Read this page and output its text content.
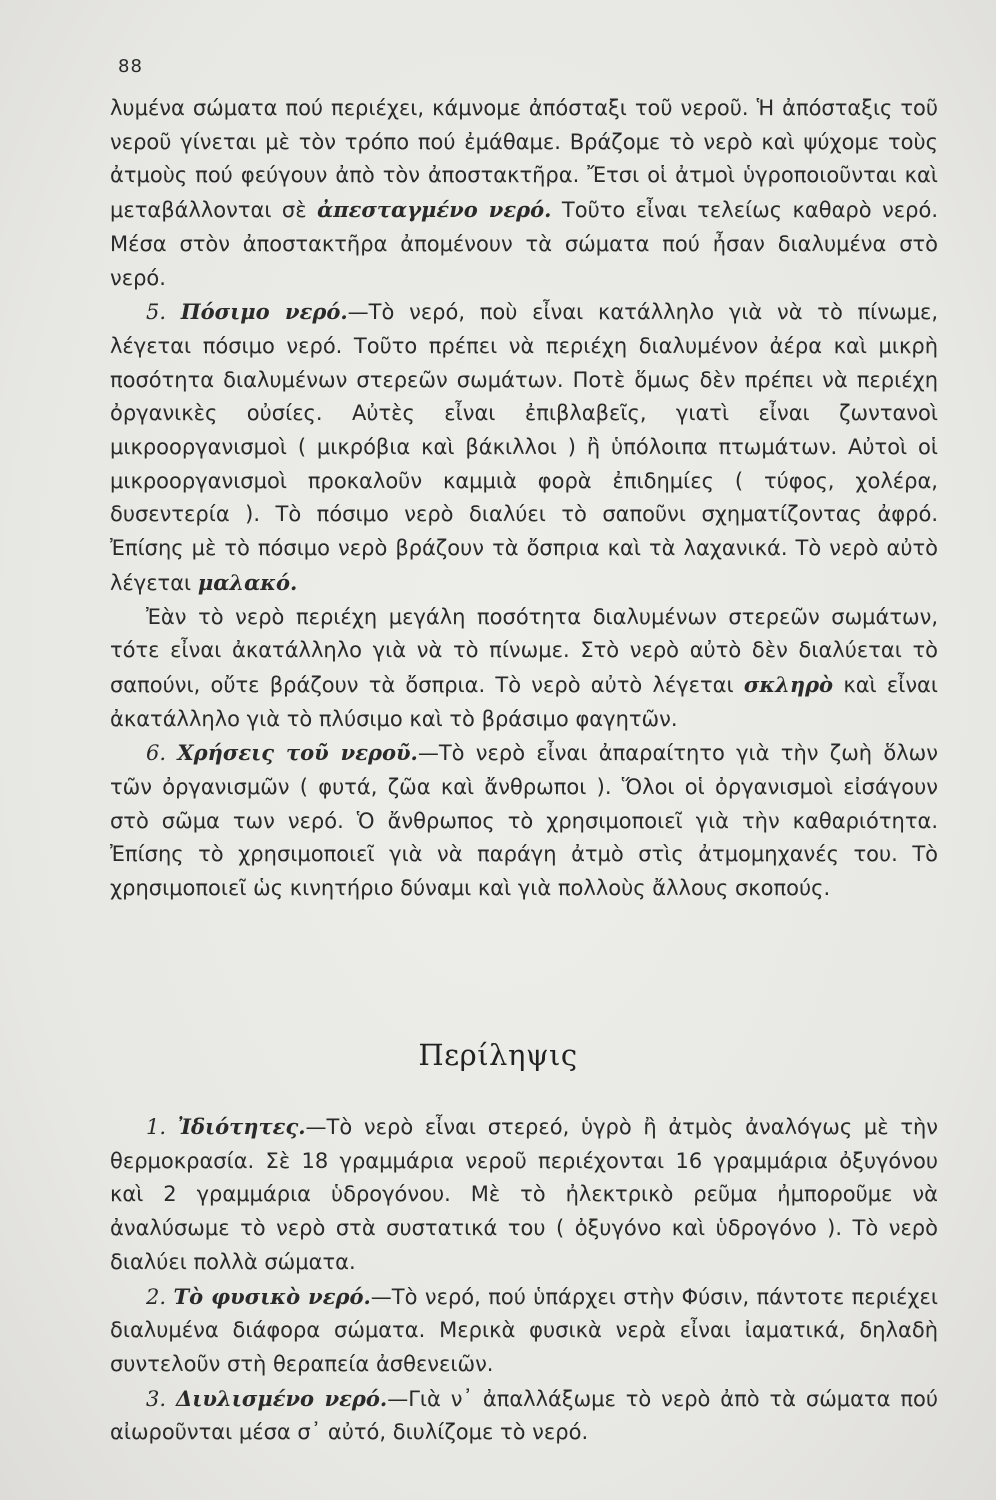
88

λυμένα σώματα πού περιέχει, κάμνομε ἀπόσταξι τοῦ νεροῦ. Ἡ ἀπόσταξις τοῦ νεροῦ γίνεται μὲ τὸν τρόπο πού ἐμάθαμε. Βράζομε τὸ νερὸ καὶ ψύχομε τοὺς ἀτμοὺς πού φεύγουν ἀπὸ τὸν ἀποστακτῆρα. Ἔτσι οἱ ἀτμοὶ ὑγροποιοῦνται καὶ μεταβάλλονται σὲ ἀπεσταγμένο νερό. Τοῦτο εἶναι τελείως καθαρὸ νερό. Μέσα στὸν ἀποστακτῆρα ἀπομένουν τὰ σώματα πού ἦσαν διαλυμένα στὸ νερό.

5. Πόσιμο νερό.—Τὸ νερό, ποὺ εἶναι κατάλληλο γιὰ νὰ τὸ πίνωμε, λέγεται πόσιμο νερό. Τοῦτο πρέπει νὰ περιέχη διαλυμένον ἀέρα καὶ μικρὴ ποσότητα διαλυμένων στερεῶν σωμάτων. Ποτὲ ὅμως δὲν πρέπει νὰ περιέχη ὀργανικὲς οὐσίες. Αὐτὲς εἶναι ἐπιβλαβεῖς, γιατὶ εἶναι ζωντανοὶ μικροοργανισμοὶ ( μικρόβια καὶ βάκιλλοι ) ἢ ὑπόλοιπα πτωμάτων. Αὐτοὶ οἱ μικροοργανισμοὶ προκαλοῦν καμμιὰ φορὰ ἐπιδημίες ( τύφος, χολέρα, δυσεντερία ). Τὸ πόσιμο νερὸ διαλύει τὸ σαποῦνι σχηματίζοντας ἀφρό. Ἐπίσης μὲ τὸ πόσιμο νερὸ βράζουν τὰ ὄσπρια καὶ τὰ λαχανικά. Τὸ νερὸ αὐτὸ λέγεται μαλακό.

Ἐὰν τὸ νερὸ περιέχη μεγάλη ποσότητα διαλυμένων στερεῶν σωμάτων, τότε εἶναι ἀκατάλληλο γιὰ νὰ τὸ πίνωμε. Στὸ νερὸ αὐτὸ δὲν διαλύεται τὸ σαπούνι, οὔτε βράζουν τὰ ὄσπρια. Τὸ νερὸ αὐτὸ λέγεται σκληρὸ καὶ εἶναι ἀκατάλληλο γιὰ τὸ πλύσιμο καὶ τὸ βράσιμο φαγητῶν.

6. Χρήσεις τοῦ νεροῦ.—Τὸ νερὸ εἶναι ἀπαραίτητο γιὰ τὴν ζωὴ ὅλων τῶν ὀργανισμῶν ( φυτά, ζῶα καὶ ἄνθρωποι ). Ὅλοι οἱ ὀργανισμοὶ εἰσάγουν στὸ σῶμα των νερό. Ὁ ἄνθρωπος τὸ χρησιμοποιεῖ γιὰ τὴν καθαριότητα. Ἐπίσης τὸ χρησιμοποιεῖ γιὰ νὰ παράγη ἀτμὸ στὶς ἀτμομηχανές του. Τὸ χρησιμοποιεῖ ὡς κινητήριο δύναμι καὶ γιὰ πολλοὺς ἄλλους σκοπούς.

Περίληψις

1. Ἰδιότητες.—Τὸ νερὸ εἶναι στερεό, ὑγρὸ ἢ ἀτμὸς ἀναλόγως μὲ τὴν θερμοκρασία. Σὲ 18 γραμμάρια νεροῦ περιέχονται 16 γραμμάρια ὀξυγόνου καὶ 2 γραμμάρια ὑδρογόνου. Μὲ τὸ ἠλεκτρικὸ ρεῦμα ἠμποροῦμε νὰ ἀναλύσωμε τὸ νερὸ στὰ συστατικά του ( ὀξυγόνο καὶ ὑδρογόνο ). Τὸ νερὸ διαλύει πολλὰ σώματα.

2. Τὸ φυσικὸ νερό.—Τὸ νερό, πού ὑπάρχει στὴν Φύσιν, πάντοτε περιέχει διαλυμένα διάφορα σώματα. Μερικὰ φυσικὰ νερὰ εἶναι ἰαματικά, δηλαδὴ συντελοῦν στὴ θεραπεία ἀσθενειῶν.

3. Διυλισμένο νερό.—Γιὰ ν᾽ ἀπαλλάξωμε τὸ νερὸ ἀπὸ τὰ σώματα πού αἰωροῦνται μέσα σ᾽ αὐτό, διυλίζομε τὸ νερό.
